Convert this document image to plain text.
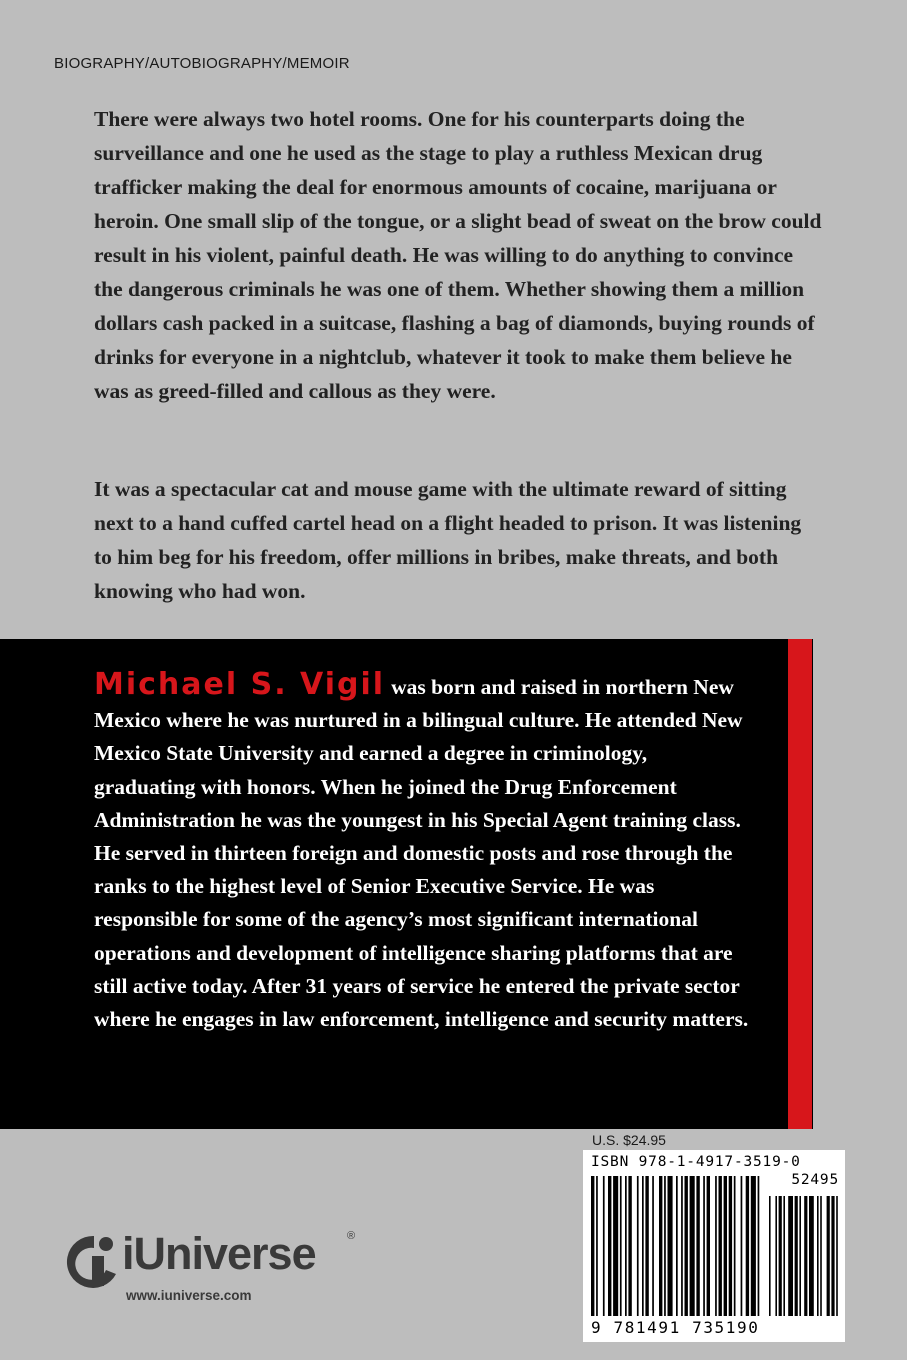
BIOGRAPHY/AUTOBIOGRAPHY/MEMOIR

There were always two hotel rooms. One for his counterparts doing the surveillance and one he used as the stage to play a ruthless Mexican drug trafficker making the deal for enormous amounts of cocaine, marijuana or heroin. One small slip of the tongue, or a slight bead of sweat on the brow could result in his violent, painful death. He was willing to do anything to convince the dangerous criminals he was one of them. Whether showing them a million dollars cash packed in a suitcase, flashing a bag of diamonds, buying rounds of drinks for everyone in a nightclub, whatever it took to make them believe he was as greed-filled and callous as they were.

It was a spectacular cat and mouse game with the ultimate reward of sitting next to a hand cuffed cartel head on a flight headed to prison. It was listening to him beg for his freedom, offer millions in bribes, make threats, and both knowing who had won.

Michael S. Vigil was born and raised in northern New Mexico where he was nurtured in a bilingual culture. He attended New Mexico State University and earned a degree in criminology, graduating with honors. When he joined the Drug Enforcement Administration he was the youngest in his Special Agent training class. He served in thirteen foreign and domestic posts and rose through the ranks to the highest level of Senior Executive Service. He was responsible for some of the agency’s most significant international operations and development of intelligence sharing platforms that are still active today. After 31 years of service he entered the private sector where he engages in law enforcement, intelligence and security matters.

U.S. $24.95
ISBN 978-1-4917-3519-0
52495
9 781491 735190
iUniverse	®
www.iuniverse.com
